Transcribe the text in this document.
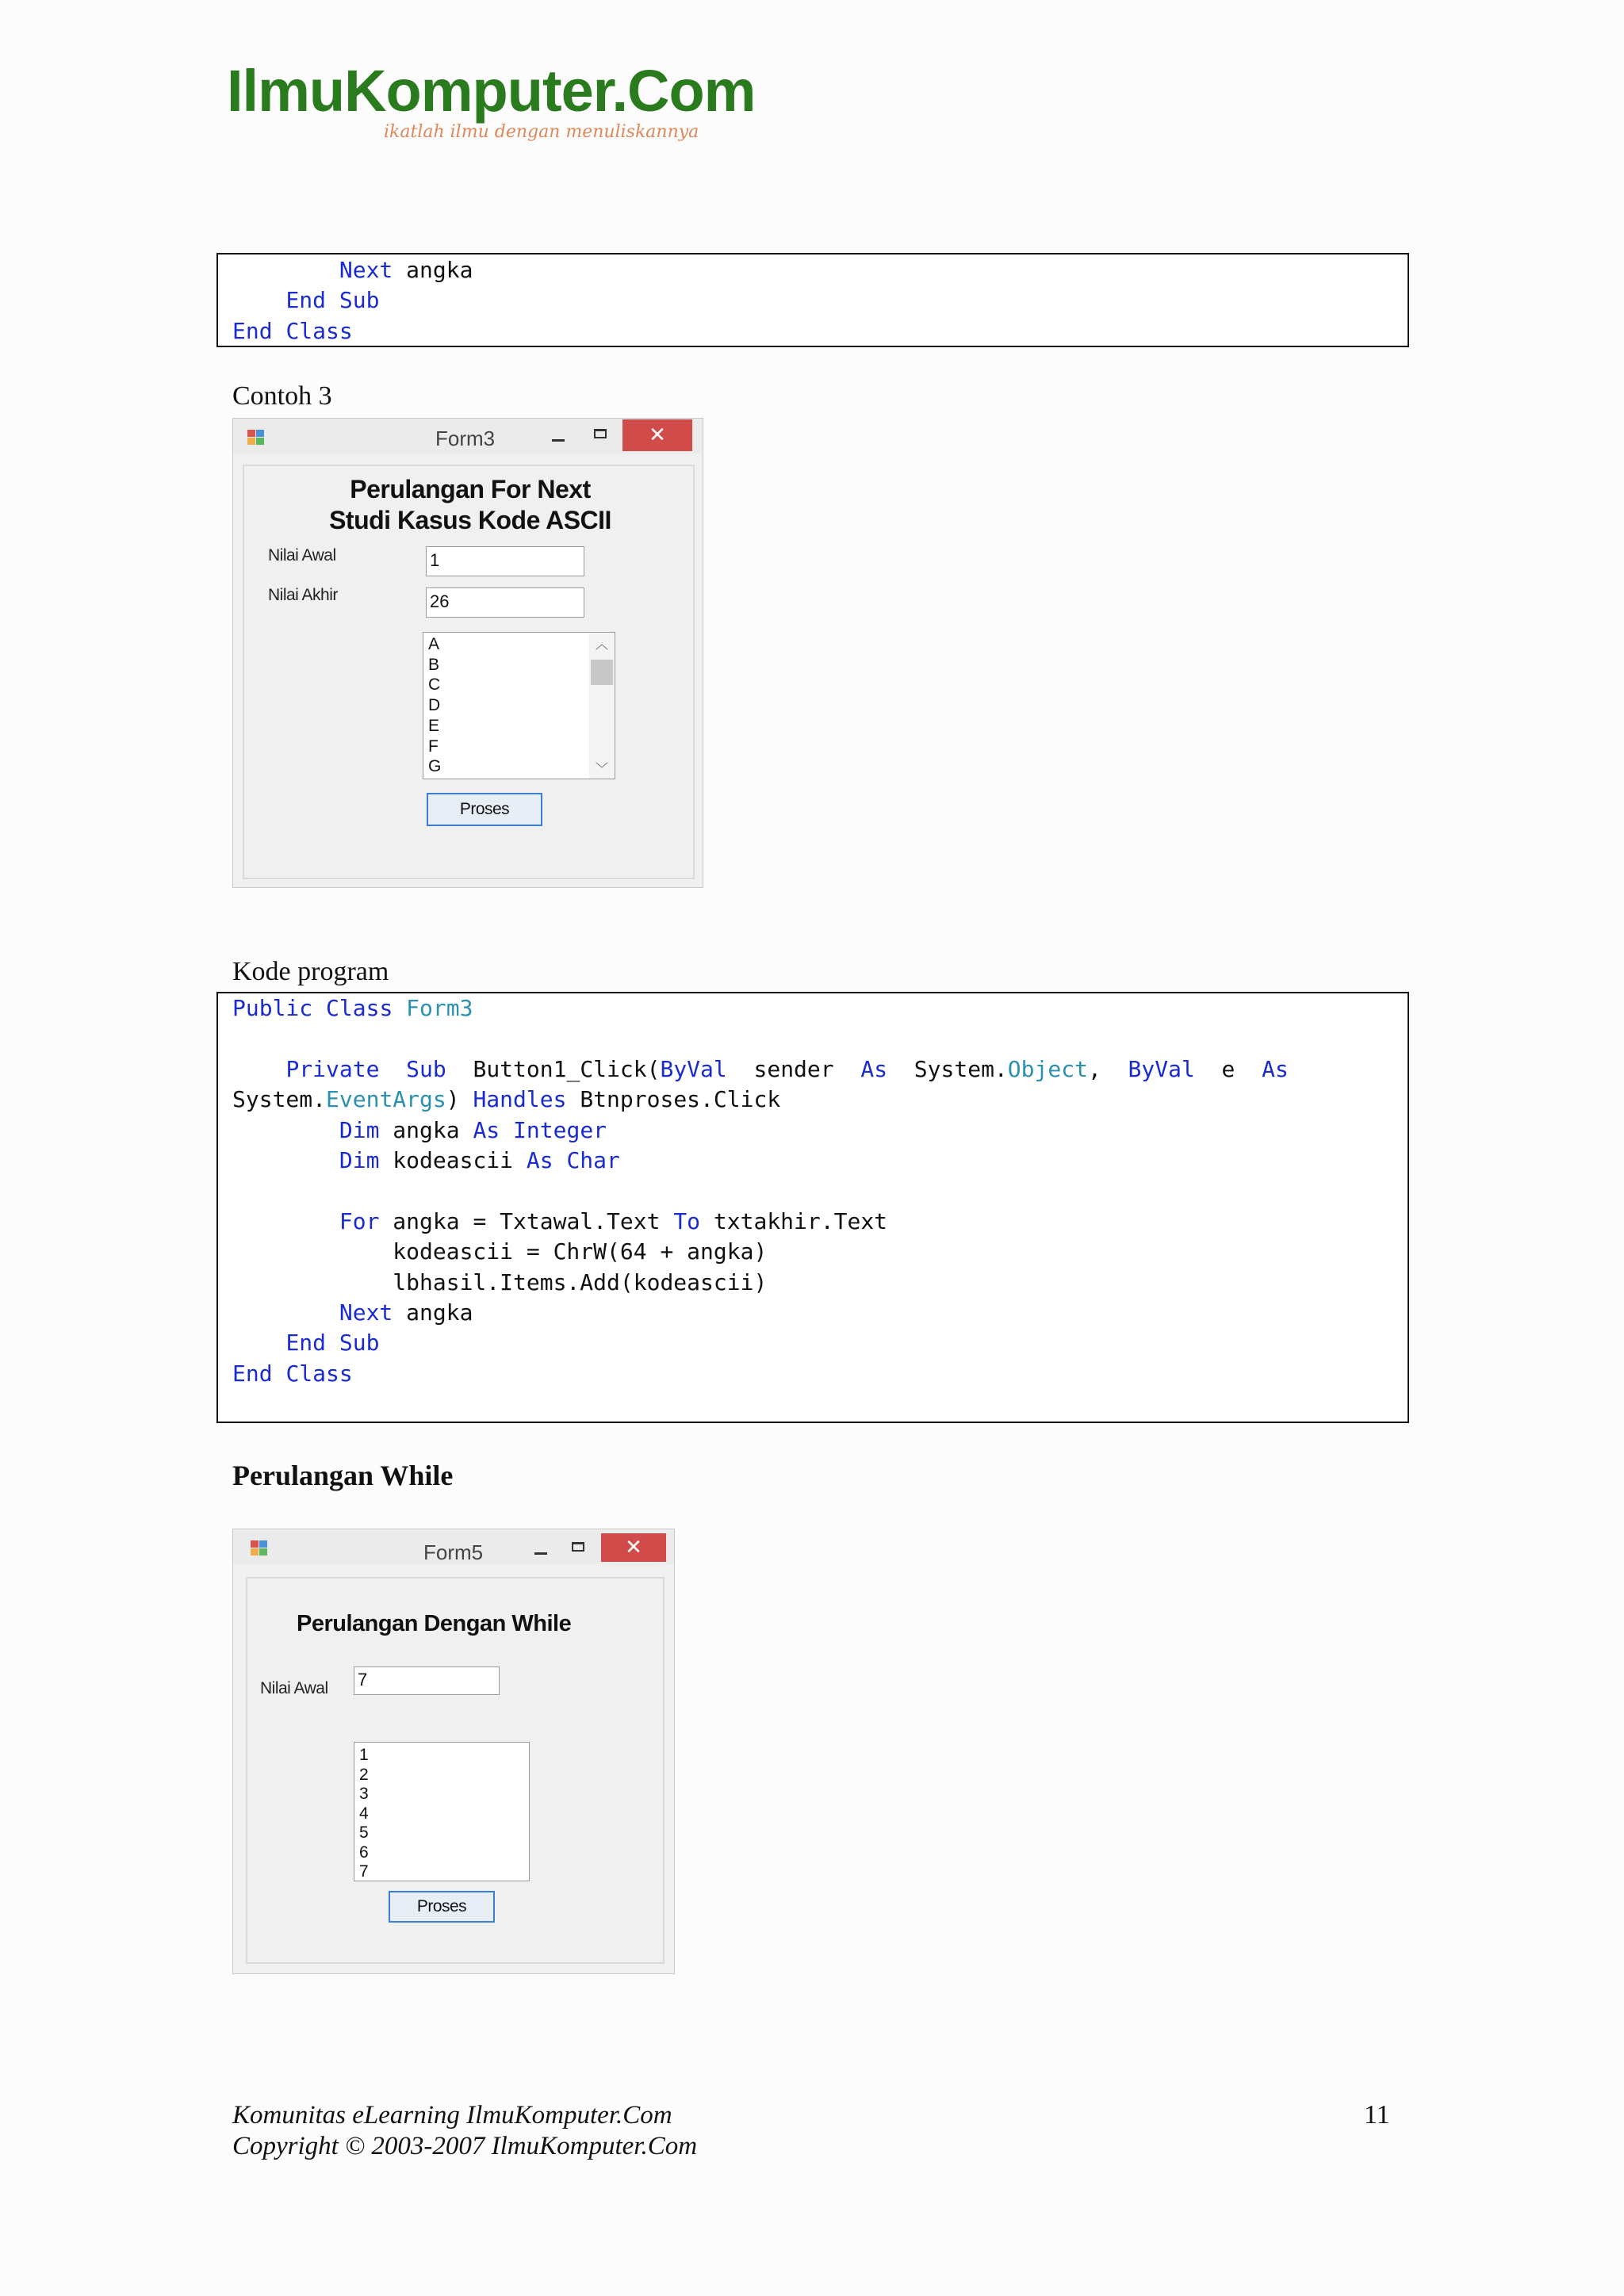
IlmuKomputer.Com
ikatlah ilmu dengan menuliskannya
Next angka
End Sub
End Class
Contoh 3
Form3	✕
Perulangan For Next
Studi Kasus Kode ASCII
Nilai Awal	1
Nilai Akhir	26
A
B
C
D
E
F
G
︿
﹀
Proses
Kode program
Public Class Form3

Private Sub  Button1_Click(ByVal  sender  As  System.Object,  ByVal  e  As
System.EventArgs) Handles Btnproses.Click
Dim angka As Integer
Dim kodeascii As Char

For angka = Txtawal.Text To txtakhir.Text
kodeascii = ChrW(64 + angka)
lbhasil.Items.Add(kodeascii)
Next angka
End Sub
End Class
Perulangan While
Form5	✕
Perulangan Dengan While
Nilai Awal 7
1
2
3
4
5
6
7
Proses
Komunitas eLearning IlmuKomputer.Com
Copyright © 2003-2007 IlmuKomputer.Com
11
